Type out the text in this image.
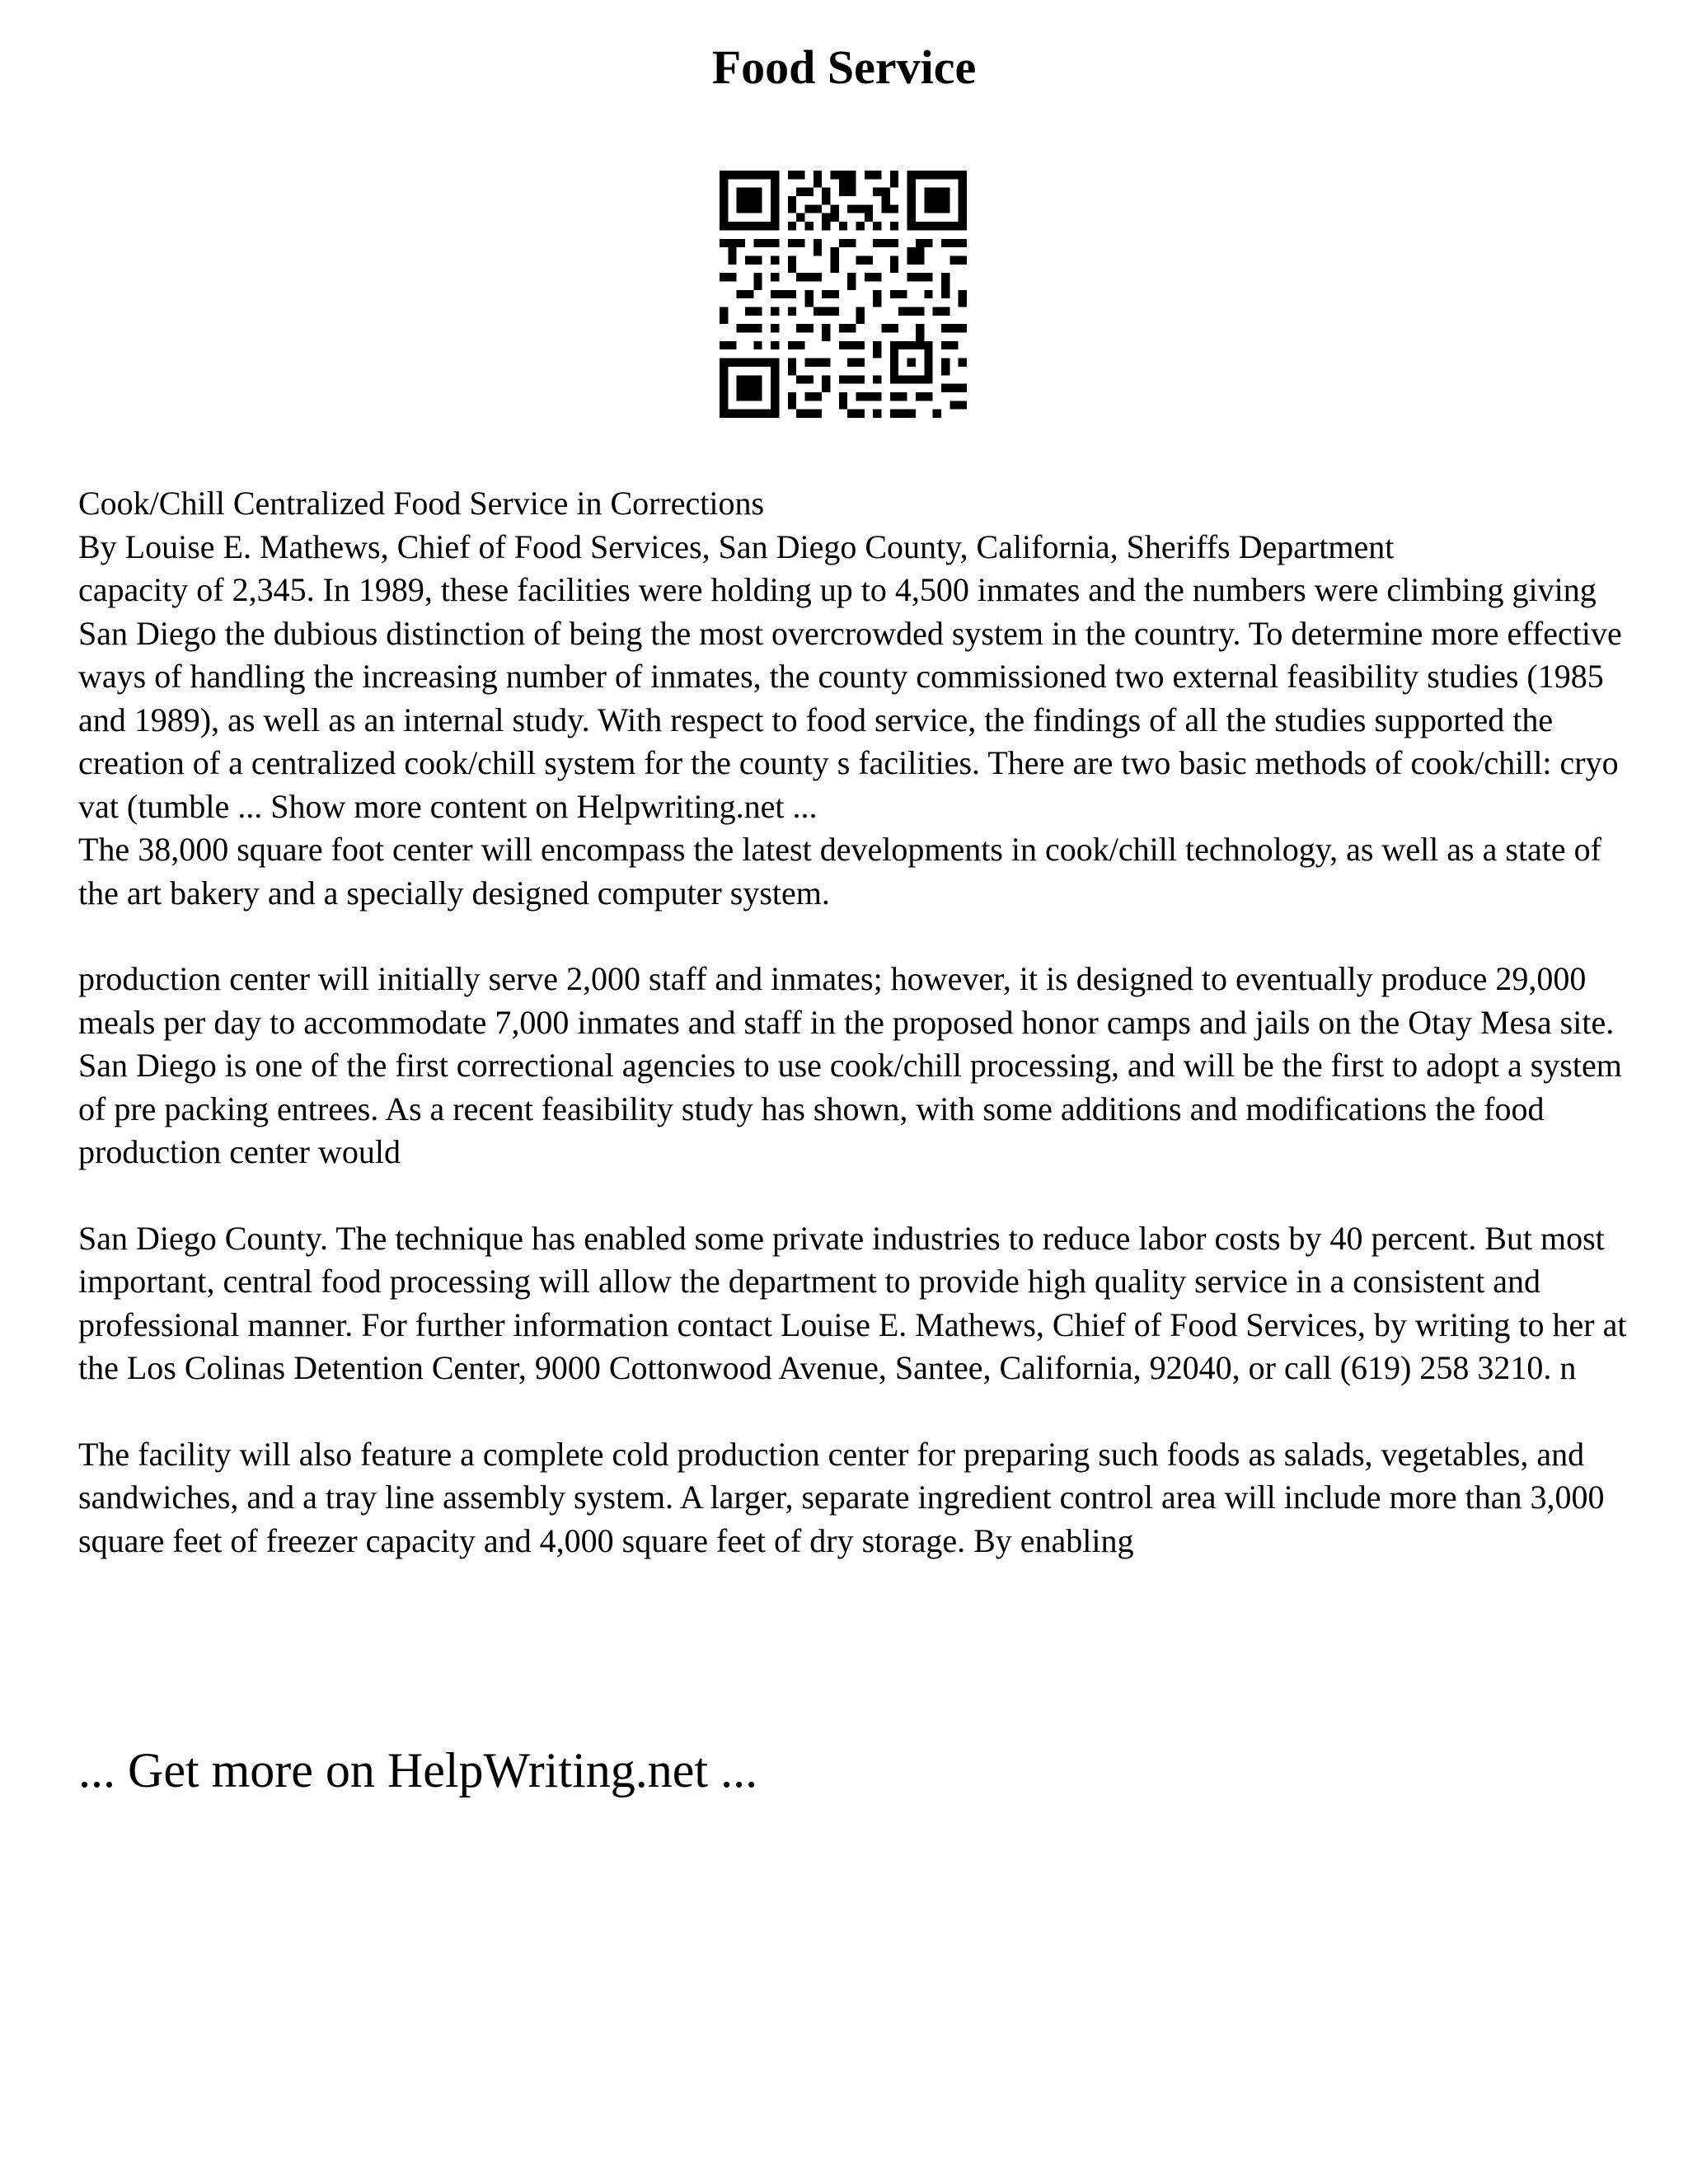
Food Service

Cook/Chill Centralized Food Service in Corrections

By Louise E. Mathews, Chief of Food Services, San Diego County, California, Sheriffs Department

capacity of 2,345. In 1989, these facilities were holding up to 4,500 inmates and the numbers were climbing giving San Diego the dubious distinction of being the most overcrowded system in the country. To determine more effective ways of handling the increasing number of inmates, the county commissioned two external feasibility studies (1985 and 1989), as well as an internal study. With respect to food service, the findings of all the studies supported the creation of a centralized cook/chill system for the county s facilities. There are two basic methods of cook/chill: cryo vat (tumble ... Show more content on Helpwriting.net ...

The 38,000 square foot center will encompass the latest developments in cook/chill technology, as well as a state of the art bakery and a specially designed computer system.

production center will initially serve 2,000 staff and inmates; however, it is designed to eventually produce 29,000 meals per day to accommodate 7,000 inmates and staff in the proposed honor camps and jails on the Otay Mesa site. San Diego is one of the first correctional agencies to use cook/chill processing, and will be the first to adopt a system of pre packing entrees. As a recent feasibility study has shown, with some additions and modifications the food production center would

San Diego County. The technique has enabled some private industries to reduce labor costs by 40 percent. But most important, central food processing will allow the department to provide high quality service in a consistent and professional manner. For further information contact Louise E. Mathews, Chief of Food Services, by writing to her at the Los Colinas Detention Center, 9000 Cottonwood Avenue, Santee, California, 92040, or call (619) 258 3210. n

The facility will also feature a complete cold production center for preparing such foods as salads, vegetables, and sandwiches, and a tray line assembly system. A larger, separate ingredient control area will include more than 3,000 square feet of freezer capacity and 4,000 square feet of dry storage. By enabling

... Get more on HelpWriting.net ...
